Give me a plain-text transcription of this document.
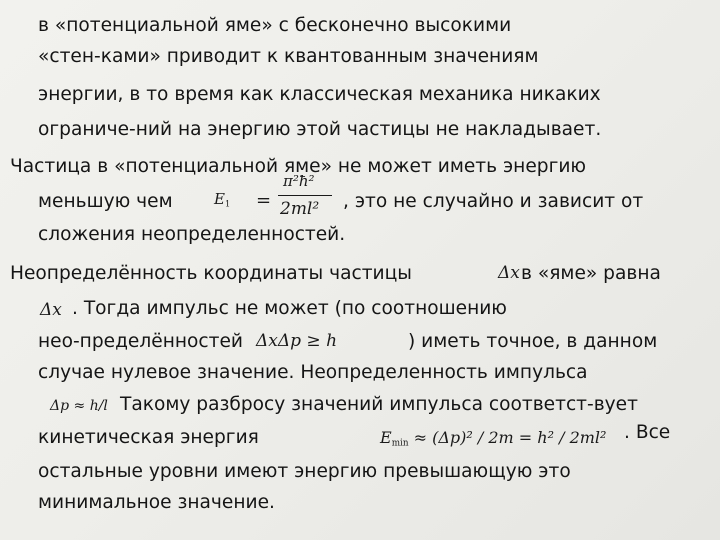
в «потенциальной яме» с бесконечно высокими
«стен-ками» приводит к квантованным значениям
энергии, в то время как классическая механика никаких
ограниче-ний на энергию этой частицы не накладывает.
Частица в «потенциальной яме» не может иметь энергию
меньшую чем	, это не случайно и зависит от
сложения неопределенностей.
$E_1$ =
π²ħ²
2ml²
Неопределённость координаты частицы	Δx в «яме» равна
Δx . Тогда импульс не может (по соотношению
нео-пределённостей ΔxΔp ≥ h	) иметь точное, в данном
случае нулевое значение. Неопределенность импульса
Δp ≈ h/l Такому разбросу значений импульса соответст-вует
кинетическая энергия	$E_{min} \approx (\Delta p)^2 / 2m = h^2 / 2ml^2$ . Все
остальные уровни имеют энергию превышающую это
минимальное значение.
